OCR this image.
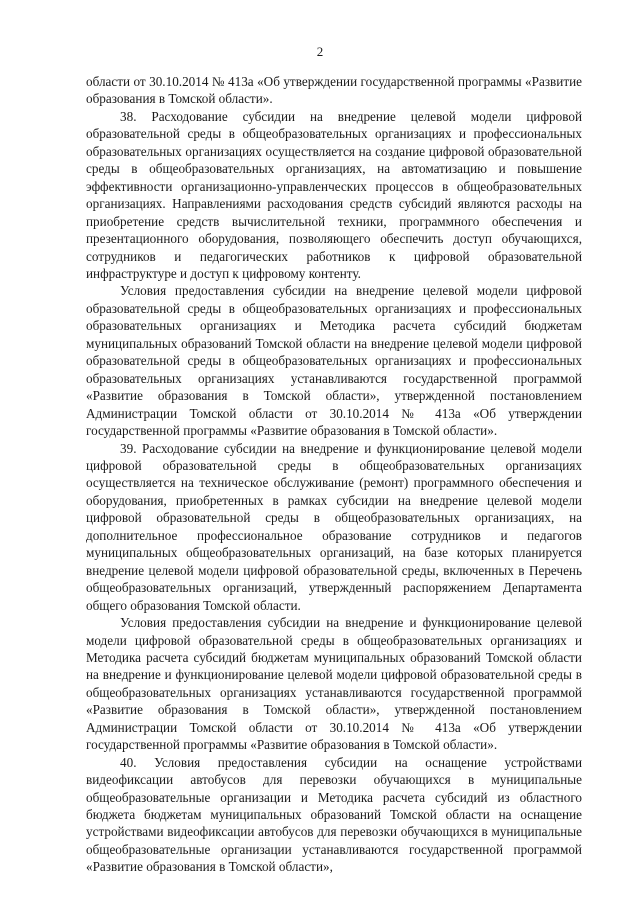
2

области от 30.10.2014 № 413а «Об утверждении государственной программы «Развитие образования в Томской области».

38. Расходование субсидии на внедрение целевой модели цифровой образовательной среды в общеобразовательных организациях и профессиональных образовательных организациях осуществляется на создание цифровой образовательной среды в общеобразовательных организациях, на автоматизацию и повышение эффективности организационно-управленческих процессов в общеобразовательных организациях. Направлениями расходования средств субсидий являются расходы на приобретение средств вычислительной техники, программного обеспечения и презентационного оборудования, позволяющего обеспечить доступ обучающихся, сотрудников и педагогических работников к цифровой образовательной инфраструктуре и доступ к цифровому контенту.

Условия предоставления субсидии на внедрение целевой модели цифровой образовательной среды в общеобразовательных организациях и профессиональных образовательных организациях и Методика расчета субсидий бюджетам муниципальных образований Томской области на внедрение целевой модели цифровой образовательной среды в общеобразовательных организациях и профессиональных образовательных организациях устанавливаются государственной программой «Развитие образования в Томской области», утвержденной постановлением Администрации Томской области от 30.10.2014 № 413а «Об утверждении государственной программы «Развитие образования в Томской области».

39. Расходование субсидии на внедрение и функционирование целевой модели цифровой образовательной среды в общеобразовательных организациях осуществляется на техническое обслуживание (ремонт) программного обеспечения и оборудования, приобретенных в рамках субсидии на внедрение целевой модели цифровой образовательной среды в общеобразовательных организациях, на дополнительное профессиональное образование сотрудников и педагогов муниципальных общеобразовательных организаций, на базе которых планируется внедрение целевой модели цифровой образовательной среды, включенных в Перечень общеобразовательных организаций, утвержденный распоряжением Департамента общего образования Томской области.

Условия предоставления субсидии на внедрение и функционирование целевой модели цифровой образовательной среды в общеобразовательных организациях и Методика расчета субсидий бюджетам муниципальных образований Томской области на внедрение и функционирование целевой модели цифровой образовательной среды в общеобразовательных организациях устанавливаются государственной программой «Развитие образования в Томской области», утвержденной постановлением Администрации Томской области от 30.10.2014 № 413а «Об утверждении государственной программы «Развитие образования в Томской области».

40. Условия предоставления субсидии на оснащение устройствами видеофиксации автобусов для перевозки обучающихся в муниципальные общеобразовательные организации и Методика расчета субсидий из областного бюджета бюджетам муниципальных образований Томской области на оснащение устройствами видеофиксации автобусов для перевозки обучающихся в муниципальные общеобразовательные организации устанавливаются государственной программой «Развитие образования в Томской области»,
